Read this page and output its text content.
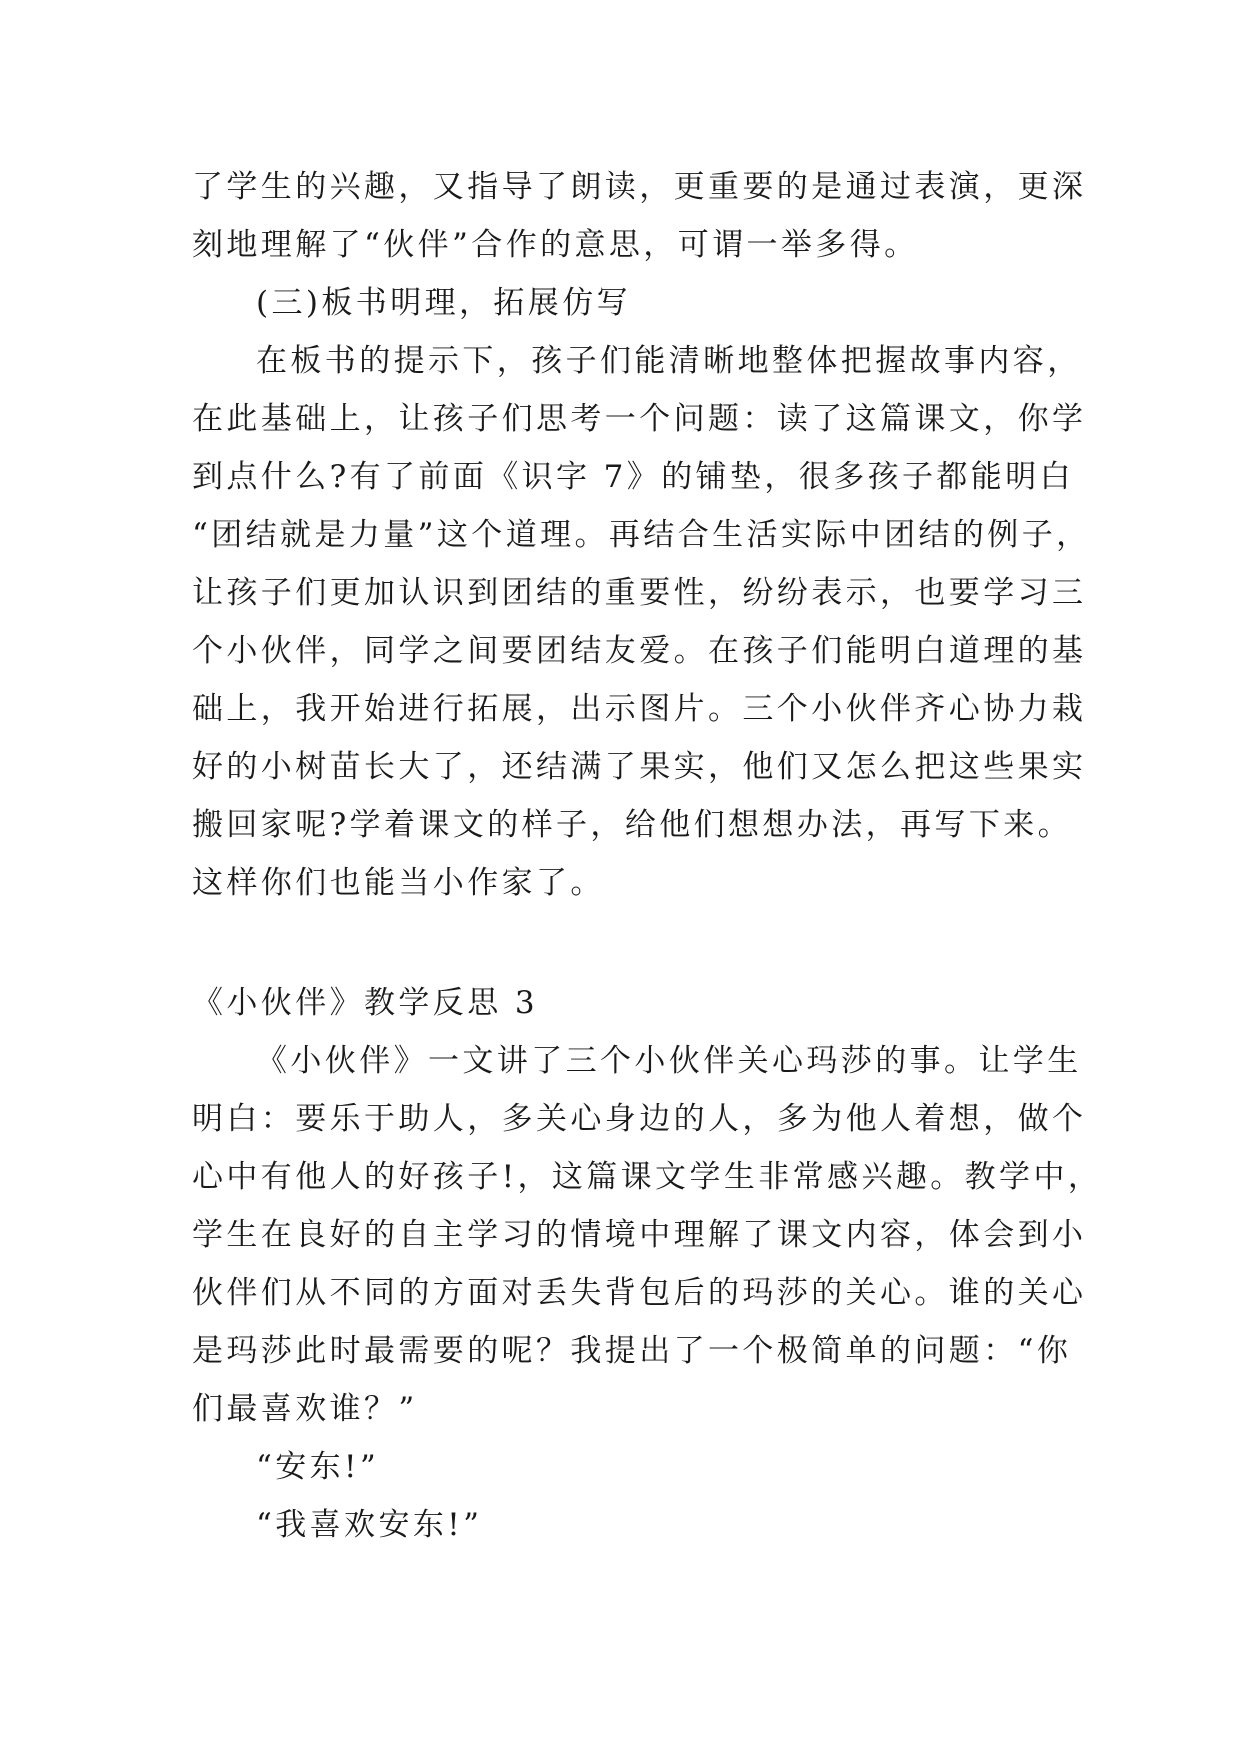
了学生的兴趣，又指导了朗读，更重要的是通过表演，更深
刻地理解了“伙伴”合作的意思，可谓一举多得。
(三)板书明理，拓展仿写
在板书的提示下，孩子们能清晰地整体把握故事内容，
在此基础上，让孩子们思考一个问题：读了这篇课文，你学
到点什么?有了前面《识字 7》的铺垫，很多孩子都能明白
“团结就是力量”这个道理。再结合生活实际中团结的例子，
让孩子们更加认识到团结的重要性，纷纷表示，也要学习三
个小伙伴，同学之间要团结友爱。在孩子们能明白道理的基
础上，我开始进行拓展，出示图片。三个小伙伴齐心协力栽
好的小树苗长大了，还结满了果实，他们又怎么把这些果实
搬回家呢?学着课文的样子，给他们想想办法，再写下来。
这样你们也能当小作家了。
《小伙伴》教学反思 3
《小伙伴》一文讲了三个小伙伴关心玛莎的事。让学生
明白：要乐于助人，多关心身边的人，多为他人着想，做个
心中有他人的好孩子!，这篇课文学生非常感兴趣。教学中，
学生在良好的自主学习的情境中理解了课文内容，体会到小
伙伴们从不同的方面对丢失背包后的玛莎的关心。谁的关心
是玛莎此时最需要的呢？我提出了一个极简单的问题：“你
们最喜欢谁？”
“安东!”
“我喜欢安东!”
